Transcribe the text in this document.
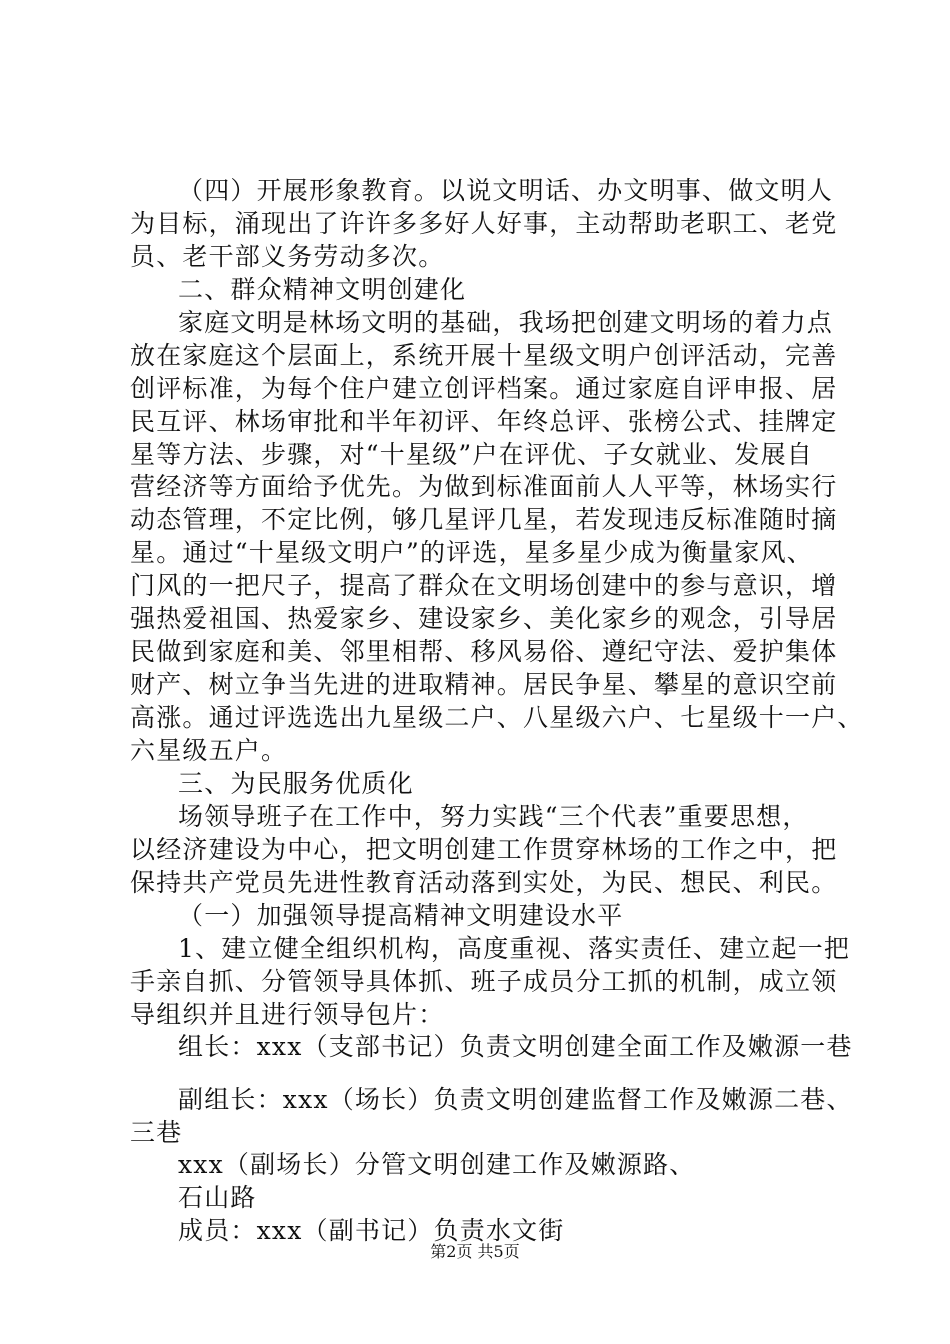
（四）开展形象教育。以说文明话、办文明事、做文明人
为目标，涌现出了许许多多好人好事，主动帮助老职工、老党
员、老干部义务劳动多次。
二、群众精神文明创建化
家庭文明是林场文明的基础，我场把创建文明场的着力点
放在家庭这个层面上，系统开展十星级文明户创评活动，完善
创评标准，为每个住户建立创评档案。通过家庭自评申报、居
民互评、林场审批和半年初评、年终总评、张榜公式、挂牌定
星等方法、步骤，对“十星级”户在评优、子女就业、发展自
营经济等方面给予优先。为做到标准面前人人平等，林场实行
动态管理，不定比例，够几星评几星，若发现违反标准随时摘
星。通过“十星级文明户”的评选，星多星少成为衡量家风、
门风的一把尺子，提高了群众在文明场创建中的参与意识，增
强热爱祖国、热爱家乡、建设家乡、美化家乡的观念，引导居
民做到家庭和美、邻里相帮、移风易俗、遵纪守法、爱护集体
财产、树立争当先进的进取精神。居民争星、攀星的意识空前
高涨。通过评选选出九星级二户、八星级六户、七星级十一户、
六星级五户。
三、为民服务优质化
场领导班子在工作中，努力实践“三个代表”重要思想，
以经济建设为中心，把文明创建工作贯穿林场的工作之中，把
保持共产党员先进性教育活动落到实处，为民、想民、利民。
（一）加强领导提高精神文明建设水平
1、建立健全组织机构，高度重视、落实责任、建立起一把
手亲自抓、分管领导具体抓、班子成员分工抓的机制，成立领
导组织并且进行领导包片：
组长：xxx（支部书记）负责文明创建全面工作及嫩源一巷
副组长：xxx（场长）负责文明创建监督工作及嫩源二巷、
三巷
xxx（副场长）分管文明创建工作及嫩源路、
石山路
成员：xxx（副书记）负责水文街
第2页 共5页
